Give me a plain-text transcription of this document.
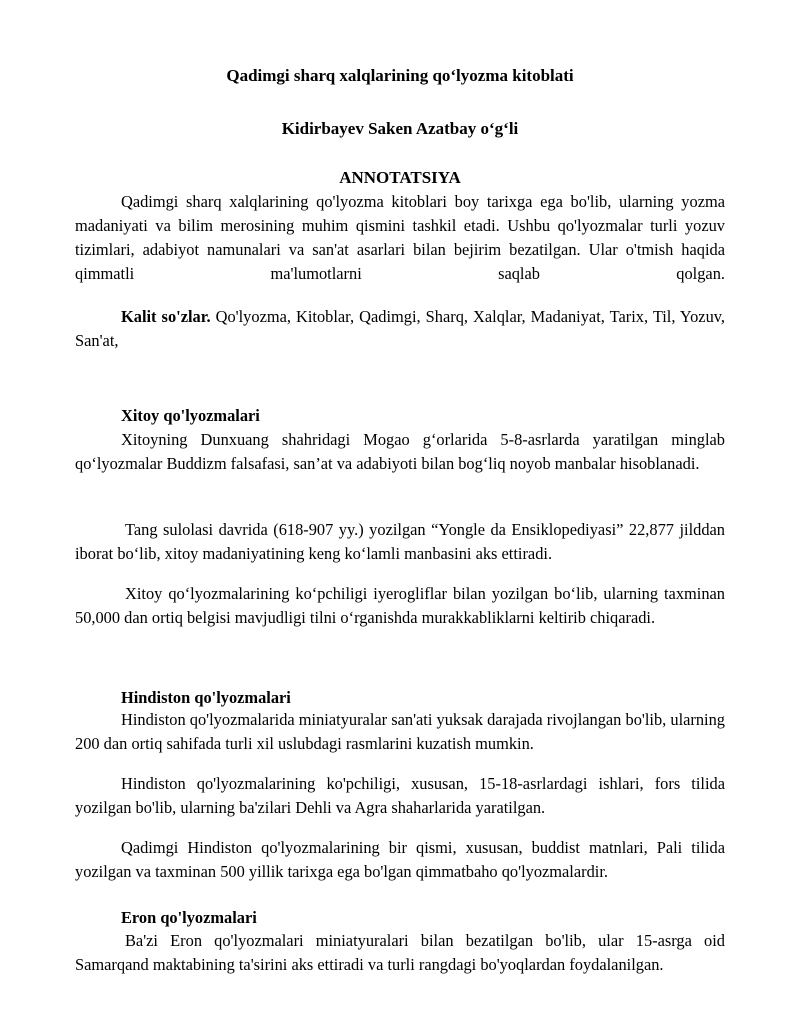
Qadimgi sharq xalqlarining qo‘lyozma kitoblati
Kidirbayev Saken Azatbay o‘g‘li
ANNOTATSIYA

Qadimgi sharq xalqlarining qo'lyozma kitoblari boy tarixga ega bo'lib, ularning yozma madaniyati va bilim merosining muhim qismini tashkil etadi. Ushbu qo'lyozmalar turli yozuv tizimlari, adabiyot namunalari va san'at asarlari bilan bejirim bezatilgan. Ular o'tmish haqida qimmatli ma'lumotlarni saqlab qolgan.

Kalit so'zlar. Qo'lyozma, Kitoblar, Qadimgi, Sharq, Xalqlar, Madaniyat, Tarix, Til, Yozuv, San'at,

Xitoy qo'lyozmalari

Xitoyning Dunxuang shahridagi Mogao g‘orlarida 5-8-asrlarda yaratilgan minglab qo‘lyozmalar Buddizm falsafasi, san’at va adabiyoti bilan bog‘liq noyob manbalar hisoblanadi.

Tang sulolasi davrida (618-907 yy.) yozilgan “Yongle da Ensiklopediyasi” 22,877 jilddan iborat bo‘lib, xitoy madaniyatining keng ko‘lamli manbasini aks ettiradi.

Xitoy qo‘lyozmalarining ko‘pchiligi iyerogliflar bilan yozilgan bo‘lib, ularning taxminan 50,000 dan ortiq belgisi mavjudligi tilni o‘rganishda murakkabliklarni keltirib chiqaradi.

Hindiston qo'lyozmalari

Hindiston qo'lyozmalarida miniatyuralar san'ati yuksak darajada rivojlangan bo'lib, ularning 200 dan ortiq sahifada turli xil uslubdagi rasmlarini kuzatish mumkin.

Hindiston qo'lyozmalarining ko'pchiligi, xususan, 15-18-asrlardagi ishlari, fors tilida yozilgan bo'lib, ularning ba'zilari Dehli va Agra shaharlarida yaratilgan.

Qadimgi Hindiston qo'lyozmalarining bir qismi, xususan, buddist matnlari, Pali tilida yozilgan va taxminan 500 yillik tarixga ega bo'lgan qimmatbaho qo'lyozmalardir.

Eron qo'lyozmalari

Ba'zi Eron qo'lyozmalari miniatyuralari bilan bezatilgan bo'lib, ular 15-asrga oid Samarqand maktabining ta'sirini aks ettiradi va turli rangdagi bo'yoqlardan foydalanilgan.
